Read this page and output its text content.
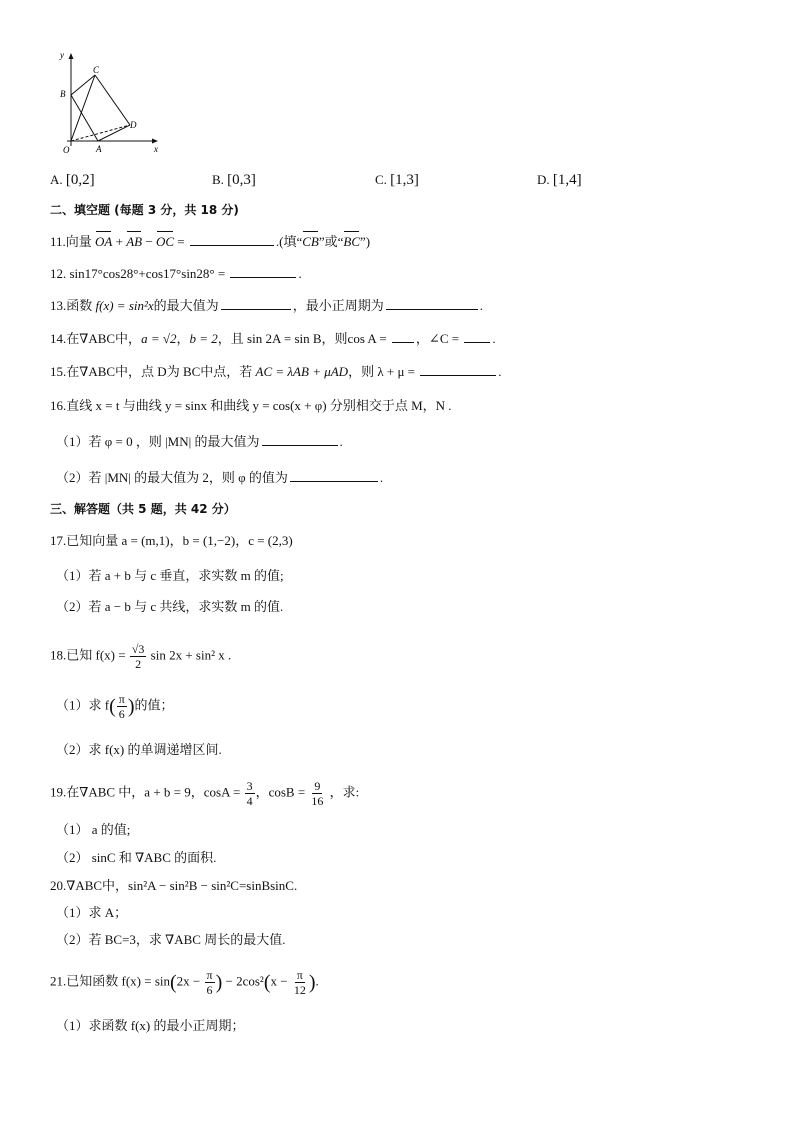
y
x
O	A
B
C
D
A. [0,2]	B. [0,3]	C. [1,3]	D. [1,4]
二、填空题 (每题 3 分，共 18 分)
11.向量 OA + AB − OC =	.(填“CB”或“BC”)
12. sin17°cos28°+cos17°sin28° =	.
13.函数 f(x) = sin²x的最大值为	，最小正周期为	.
14.在∇ABC中，a = √2，b = 2，且 sin 2A = sin B，则cos A = ，∠C =	.
15.在∇ABC中，点 D为 BC中点，若 AC = λAB + μAD，则 λ + μ =	.
16.直线 x = t 与曲线 y = sinx 和曲线 y = cos(x + φ) 分别相交于点 M，N .
（1）若 φ = 0 ，则 |MN| 的最大值为	.
（2）若 |MN| 的最大值为 2，则 φ 的值为	.
三、解答题（共 5 题，共 42 分）
17.已知向量 a = (m,1)，b = (1,−2)，c = (2,3)
（1）若 a + b 与 c 垂直，求实数 m 的值;
（2）若 a − b 与 c 共线，求实数 m 的值.
18.已知 $f(x) = \frac{√3}{2}$ sin 2x + sin² x .
（1）求 $f( \frac{\pi}{6}$ )的值；
（2）求 f(x) 的单调递增区间.
19.在∇ABC 中，a + b = 9，$\cos A = \frac{3}{4}$ ，$\cos B = \frac{9}{16}$ ，求:
（1） a 的值;
（2） sinC 和 ∇ABC 的面积.
20.∇ABC中，sin²A − sin²B − sin²C=sinBsinC.
（1）求 A；
（2）若 BC=3，求 ∇ABC 周长的最大值.
21.已知函数 $f(x) = \sin(2x - \frac{\pi}{6}$ ) − $2\cos^2(x - \frac{\pi}{12}$ ).
（1）求函数 f(x) 的最小正周期；
